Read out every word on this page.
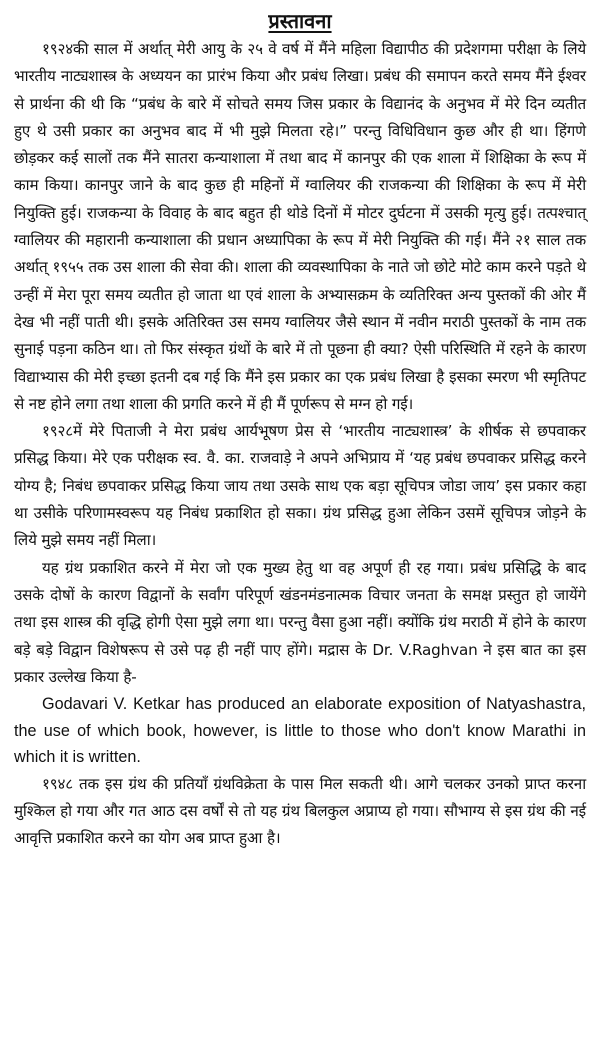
प्रस्तावना

१९२४की साल में अर्थात् मेरी आयु के २५ वे वर्ष में मैंने महिला विद्यापीठ की प्रदेशगमा परीक्षा के लिये भारतीय नाट्यशास्त्र के अध्ययन का प्रारंभ किया और प्रबंध लिखा। प्रबंध की समापन करते समय मैंने ईश्वर से प्रार्थना की थी कि “प्रबंध के बारे में सोचते समय जिस प्रकार के विद्यानंद के अनुभव में मेरे दिन व्यतीत हुए थे उसी प्रकार का अनुभव बाद में भी मुझे मिलता रहे।” परन्तु विधिविधान कुछ और ही था। हिंगणे छोड़कर कई सालों तक मैंने सातरा कन्याशाला में तथा बाद में कानपुर की एक शाला में शिक्षिका के रूप में काम किया। कानपुर जाने के बाद कुछ ही महिनों में ग्वालियर की राजकन्या की शिक्षिका के रूप में मेरी नियुक्ति हुई। राजकन्या के विवाह के बाद बहुत ही थोडे दिनों में मोटर दुर्घटना में उसकी मृत्यु हुई। तत्पश्चात् ग्वालियर की महारानी कन्याशाला की प्रधान अध्यापिका के रूप में मेरी नियुक्ति की गई। मैंने २१ साल तक अर्थात् १९५५ तक उस शाला की सेवा की। शाला की व्यवस्थापिका के नाते जो छोटे मोटे काम करने पड़ते थे उन्हीं में मेरा पूरा समय व्यतीत हो जाता था एवं शाला के अभ्यासक्रम के व्यतिरिक्त अन्य पुस्तकों की ओर मैं देख भी नहीं पाती थी। इसके अतिरिक्त उस समय ग्वालियर जैसे स्थान में नवीन मराठी पुस्तकों के नाम तक सुनाई पड़ना कठिन था। तो फिर संस्कृत ग्रंथों के बारे में तो पूछना ही क्या? ऐसी परिस्थिति में रहने के कारण विद्याभ्यास की मेरी इच्छा इतनी दब गई कि मैंने इस प्रकार का एक प्रबंध लिखा है इसका स्मरण भी स्मृतिपट से नष्ट होने लगा तथा शाला की प्रगति करने में ही मैं पूर्णरूप से मग्न हो गई।

१९२८में मेरे पिताजी ने मेरा प्रबंध आर्यभूषण प्रेस से ‘भारतीय नाट्यशास्त्र’ के शीर्षक से छपवाकर प्रसिद्ध किया। मेरे एक परीक्षक स्व. वै. का. राजवाड़े ने अपने अभिप्राय में ‘यह प्रबंध छपवाकर प्रसिद्ध करने योग्य है; निबंध छपवाकर प्रसिद्ध किया जाय तथा उसके साथ एक बड़ा सूचिपत्र जोडा जाय’ इस प्रकार कहा था उसीके परिणामस्वरूप यह निबंध प्रकाशित हो सका। ग्रंथ प्रसिद्ध हुआ लेकिन उसमें सूचिपत्र जोड़ने के लिये मुझे समय नहीं मिला।

यह ग्रंथ प्रकाशित करने में मेरा जो एक मुख्य हेतु था वह अपूर्ण ही रह गया। प्रबंध प्रसिद्धि के बाद उसके दोषों के कारण विद्वानों के सर्वांग परिपूर्ण खंडनमंडनात्मक विचार जनता के समक्ष प्रस्तुत हो जायेंगे तथा इस शास्त्र की वृद्धि होगी ऐसा मुझे लगा था। परन्तु वैसा हुआ नहीं। क्योंकि ग्रंथ मराठी में होने के कारण बड़े बड़े विद्वान विशेषरूप से उसे पढ़ ही नहीं पाए होंगे। मद्रास के Dr. V.Raghvan ने इस बात का इस प्रकार उल्लेख किया है-

Godavari V. Ketkar has produced an elaborate exposition of Natyashastra, the use of which book, however, is little to those who don't know Marathi in which it is written.

१९४८ तक इस ग्रंथ की प्रतियाँ ग्रंथविक्रेता के पास मिल सकती थी। आगे चलकर उनको प्राप्त करना मुश्किल हो गया और गत आठ दस वर्षों से तो यह ग्रंथ बिलकुल अप्राप्य हो गया। सौभाग्य से इस ग्रंथ की नई आवृत्ति प्रकाशित करने का योग अब प्राप्त हुआ है।
